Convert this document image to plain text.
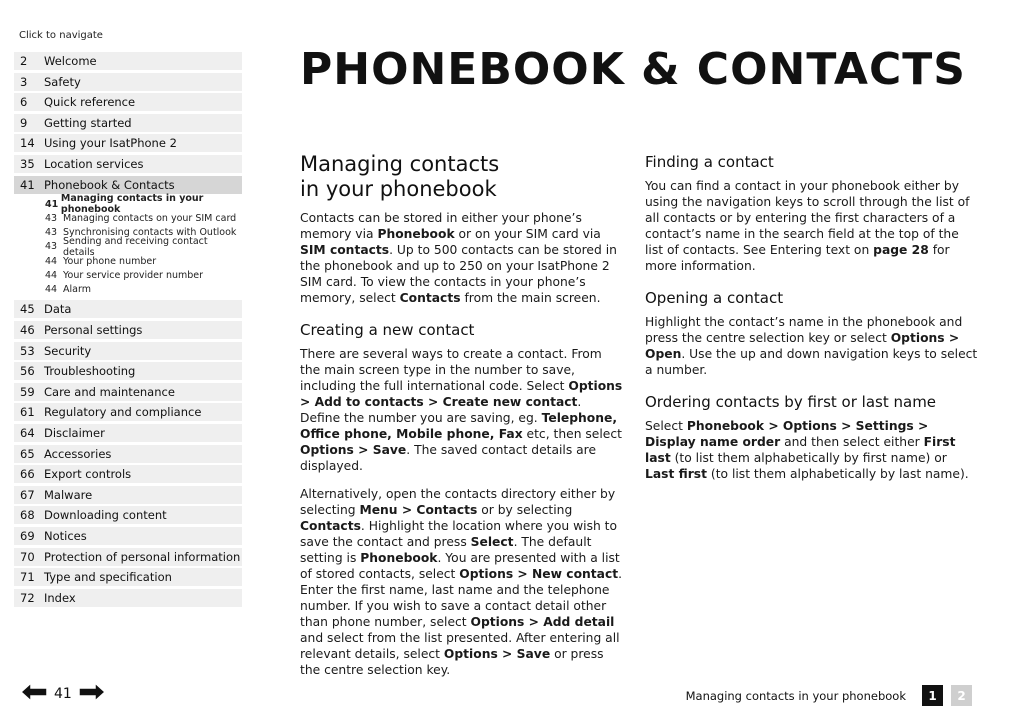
Click to navigate
2	Welcome
3	Safety
6	Quick reference
9	Getting started
14 Using your IsatPhone 2
35 Location services
41 Phonebook & Contacts
41 Managing contacts in your phonebook
43 Managing contacts on your SIM card
43 Synchronising contacts with Outlook
43 Sending and receiving contact details
44 Your phone number
44 Your service provider number
44 Alarm
45 Data
46 Personal settings
53 Security
56 Troubleshooting
59 Care and maintenance
61 Regulatory and compliance
64 Disclaimer
65 Accessories
66 Export controls
67 Malware
68 Downloading content
69 Notices
70 Protection of personal information
71 Type and specification
72 Index
PHONEBOOK & CONTACTS
Managing contacts
in your phonebook

Contacts can be stored in either your phone’s memory via Phonebook or on your SIM card via SIM contacts. Up to 500 contacts can be stored in the phonebook and up to 250 on your IsatPhone 2 SIM card. To view the contacts in your phone’s memory, select Contacts from the main screen.

Creating a new contact

There are several ways to create a contact. From the main screen type in the number to save, including the full international code. Select Options > Add to contacts > Create new contact. Define the number you are saving, eg. Telephone, Office phone, Mobile phone, Fax etc, then select Options > Save. The saved contact details are displayed.

Alternatively, open the contacts directory either by selecting Menu > Contacts or by selecting Contacts. Highlight the location where you wish to save the contact and press Select. The default setting is Phonebook. You are presented with a list of stored contacts, select Options > New contact. Enter the first name, last name and the telephone number. If you wish to save a contact detail other than phone number, select Options > Add detail and select from the list presented. After entering all relevant details, select Options > Save or press the centre selection key.

Finding a contact

You can find a contact in your phonebook either by using the navigation keys to scroll through the list of all contacts or by entering the first characters of a contact’s name in the search field at the top of the list of contacts. See Entering text on page 28 for more information.

Opening a contact

Highlight the contact’s name in the phonebook and press the centre selection key or select Options > Open. Use the up and down navigation keys to select a number.

Ordering contacts by first or last name

Select Phonebook > Options > Settings > Display name order and then select either First last (to list them alphabetically by first name) or Last first (to list them alphabetically by last name).

41	Managing contacts in your phonebook	1	2
